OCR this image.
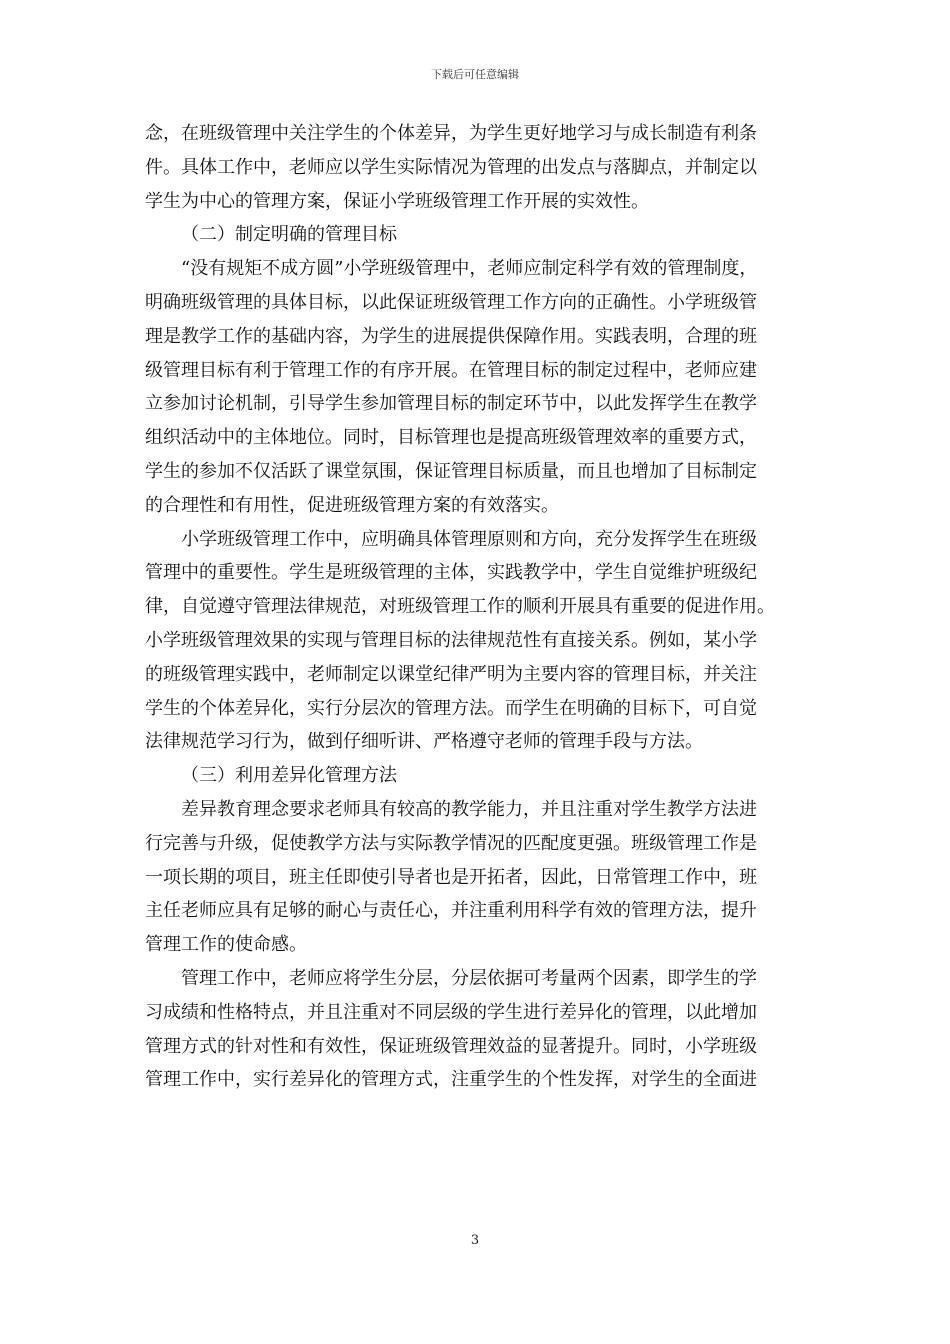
下载后可任意编辑
念，在班级管理中关注学生的个体差异，为学生更好地学习与成长制造有利条
件。具体工作中，老师应以学生实际情况为管理的出发点与落脚点，并制定以
学生为中心的管理方案，保证小学班级管理工作开展的实效性。
（二）制定明确的管理目标
“没有规矩不成方圆”小学班级管理中，老师应制定科学有效的管理制度，
明确班级管理的具体目标，以此保证班级管理工作方向的正确性。小学班级管
理是教学工作的基础内容，为学生的进展提供保障作用。实践表明，合理的班
级管理目标有利于管理工作的有序开展。在管理目标的制定过程中，老师应建
立参加讨论机制，引导学生参加管理目标的制定环节中，以此发挥学生在教学
组织活动中的主体地位。同时，目标管理也是提高班级管理效率的重要方式，
学生的参加不仅活跃了课堂氛围，保证管理目标质量，而且也增加了目标制定
的合理性和有用性，促进班级管理方案的有效落实。
小学班级管理工作中，应明确具体管理原则和方向，充分发挥学生在班级
管理中的重要性。学生是班级管理的主体，实践教学中，学生自觉维护班级纪
律，自觉遵守管理法律规范，对班级管理工作的顺利开展具有重要的促进作用。
小学班级管理效果的实现与管理目标的法律规范性有直接关系。例如，某小学
的班级管理实践中，老师制定以课堂纪律严明为主要内容的管理目标，并关注
学生的个体差异化，实行分层次的管理方法。而学生在明确的目标下，可自觉
法律规范学习行为，做到仔细听讲、严格遵守老师的管理手段与方法。
（三）利用差异化管理方法
差异教育理念要求老师具有较高的教学能力，并且注重对学生教学方法进
行完善与升级，促使教学方法与实际教学情况的匹配度更强。班级管理工作是
一项长期的项目，班主任即使引导者也是开拓者，因此，日常管理工作中，班
主任老师应具有足够的耐心与责任心，并注重利用科学有效的管理方法，提升
管理工作的使命感。
管理工作中，老师应将学生分层，分层依据可考量两个因素，即学生的学
习成绩和性格特点，并且注重对不同层级的学生进行差异化的管理，以此增加
管理方式的针对性和有效性，保证班级管理效益的显著提升。同时，小学班级
管理工作中，实行差异化的管理方式，注重学生的个性发挥，对学生的全面进
3
